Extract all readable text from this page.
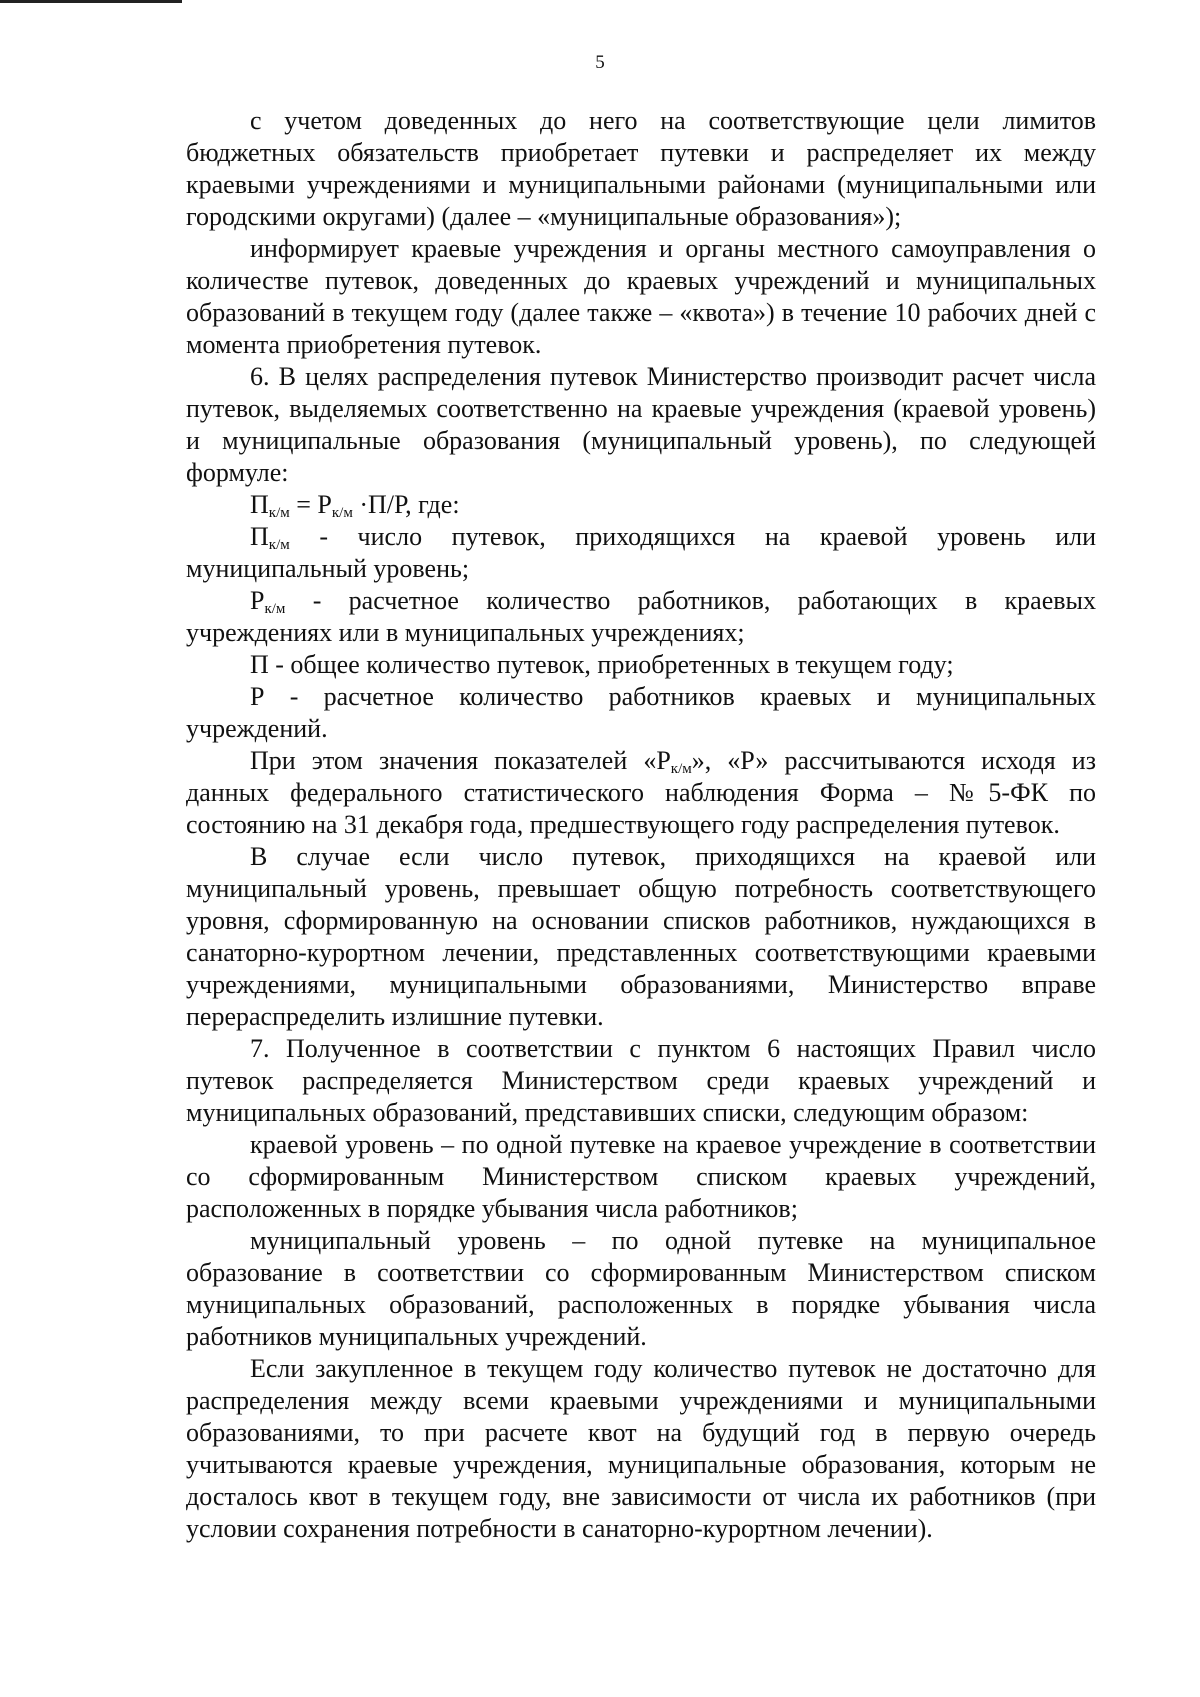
5

с учетом доведенных до него на соответствующие цели лимитов бюджетных обязательств приобретает путевки и распределяет их между краевыми учреждениями и муниципальными районами (муниципальными или городскими округами) (далее – «муниципальные образования»);

информирует краевые учреждения и органы местного самоуправления о количестве путевок, доведенных до краевых учреждений и муниципальных образований в текущем году (далее также – «квота») в течение 10 рабочих дней с момента приобретения путевок.

6. В целях распределения путевок Министерство производит расчет числа путевок, выделяемых соответственно на краевые учреждения (краевой уровень) и муниципальные образования (муниципальный уровень), по следующей формуле:

$П_{к/м} = Р_{к/м} \cdot П/Р$, где:

$П_{к/м}$ - число путевок, приходящихся на краевой уровень или муниципальный уровень;

$Р_{к/м}$ - расчетное количество работников, работающих в краевых учреждениях или в муниципальных учреждениях;

П - общее количество путевок, приобретенных в текущем году;

Р - расчетное количество работников краевых и муниципальных учреждений.

При этом значения показателей «$Р_{к/м}$», «Р» рассчитываются исходя из данных федерального статистического наблюдения Форма – №5-ФК по состоянию на 31 декабря года, предшествующего году распределения путевок.

В случае если число путевок, приходящихся на краевой или муниципальный уровень, превышает общую потребность соответствующего уровня, сформированную на основании списков работников, нуждающихся в санаторно-курортном лечении, представленных соответствующими краевыми учреждениями, муниципальными образованиями, Министерство вправе перераспределить излишние путевки.

7. Полученное в соответствии с пунктом 6 настоящих Правил число путевок распределяется Министерством среди краевых учреждений и муниципальных образований, представивших списки, следующим образом:

краевой уровень – по одной путевке на краевое учреждение в соответствии со сформированным Министерством списком краевых учреждений, расположенных в порядке убывания числа работников;

муниципальный уровень – по одной путевке на муниципальное образование в соответствии со сформированным Министерством списком муниципальных образований, расположенных в порядке убывания числа работников муниципальных учреждений.

Если закупленное в текущем году количество путевок не достаточно для распределения между всеми краевыми учреждениями и муниципальными образованиями, то при расчете квот на будущий год в первую очередь учитываются краевые учреждения, муниципальные образования, которым не досталось квот в текущем году, вне зависимости от числа их работников (при условии сохранения потребности в санаторно-курортном лечении).
